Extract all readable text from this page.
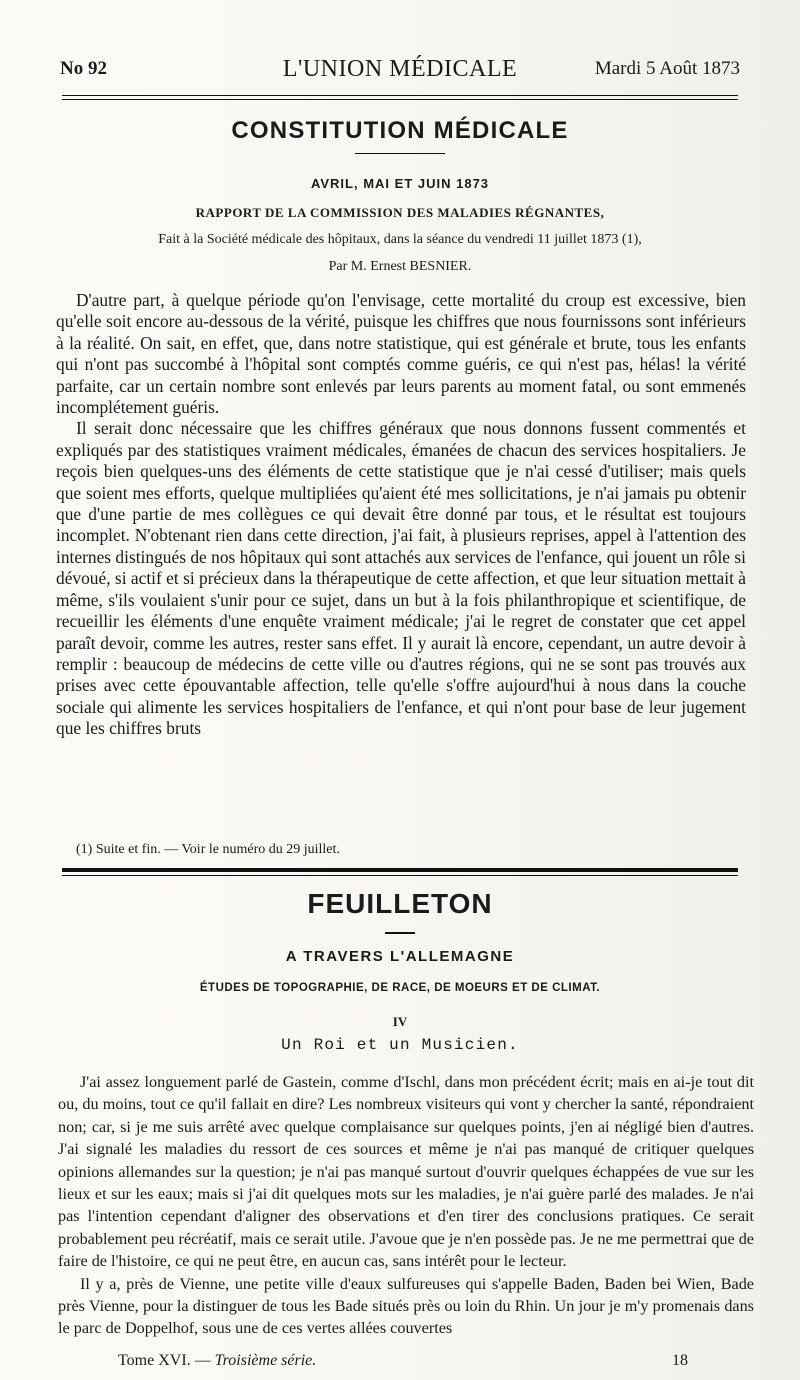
No 92	L'UNION MÉDICALE	Mardi 5 Août 1873
CONSTITUTION MÉDICALE
AVRIL, MAI ET JUIN 1873
RAPPORT DE LA COMMISSION DES MALADIES RÉGNANTES,
Fait à la Société médicale des hôpitaux, dans la séance du vendredi 11 juillet 1873 (1),
Par M. Ernest BESNIER.

D'autre part, à quelque période qu'on l'envisage, cette mortalité du croup est excessive, bien qu'elle soit encore au-dessous de la vérité, puisque les chiffres que nous fournissons sont inférieurs à la réalité. On sait, en effet, que, dans notre statistique, qui est générale et brute, tous les enfants qui n'ont pas succombé à l'hôpital sont comptés comme guéris, ce qui n'est pas, hélas! la vérité parfaite, car un certain nombre sont enlevés par leurs parents au moment fatal, ou sont emmenés incomplétement guéris.

Il serait donc nécessaire que les chiffres généraux que nous donnons fussent commentés et expliqués par des statistiques vraiment médicales, émanées de chacun des services hospitaliers. Je reçois bien quelques-uns des éléments de cette statistique que je n'ai cessé d'utiliser; mais quels que soient mes efforts, quelque multipliées qu'aient été mes sollicitations, je n'ai jamais pu obtenir que d'une partie de mes collègues ce qui devait être donné par tous, et le résultat est toujours incomplet. N'obtenant rien dans cette direction, j'ai fait, à plusieurs reprises, appel à l'attention des internes distingués de nos hôpitaux qui sont attachés aux services de l'enfance, qui jouent un rôle si dévoué, si actif et si précieux dans la thérapeutique de cette affection, et que leur situation mettait à même, s'ils voulaient s'unir pour ce sujet, dans un but à la fois philanthropique et scientifique, de recueillir les éléments d'une enquête vraiment médicale; j'ai le regret de constater que cet appel paraît devoir, comme les autres, rester sans effet. Il y aurait là encore, cependant, un autre devoir à remplir : beaucoup de médecins de cette ville ou d'autres régions, qui ne se sont pas trouvés aux prises avec cette épouvantable affection, telle qu'elle s'offre aujourd'hui à nous dans la couche sociale qui alimente les services hospitaliers de l'enfance, et qui n'ont pour base de leur jugement que les chiffres bruts

(1) Suite et fin. — Voir le numéro du 29 juillet.
FEUILLETON
A TRAVERS L'ALLEMAGNE
ÉTUDES DE TOPOGRAPHIE, DE RACE, DE MOEURS ET DE CLIMAT.
IV
Un Roi et un Musicien.

J'ai assez longuement parlé de Gastein, comme d'Ischl, dans mon précédent écrit; mais en ai-je tout dit ou, du moins, tout ce qu'il fallait en dire? Les nombreux visiteurs qui vont y chercher la santé, répondraient non; car, si je me suis arrêté avec quelque complaisance sur quelques points, j'en ai négligé bien d'autres. J'ai signalé les maladies du ressort de ces sources et même je n'ai pas manqué de critiquer quelques opinions allemandes sur la question; je n'ai pas manqué surtout d'ouvrir quelques échappées de vue sur les lieux et sur les eaux; mais si j'ai dit quelques mots sur les maladies, je n'ai guère parlé des malades. Je n'ai pas l'intention cependant d'aligner des observations et d'en tirer des conclusions pratiques. Ce serait probablement peu récréatif, mais ce serait utile. J'avoue que je n'en possède pas. Je ne me permettrai que de faire de l'histoire, ce qui ne peut être, en aucun cas, sans intérêt pour le lecteur.

Il y a, près de Vienne, une petite ville d'eaux sulfureuses qui s'appelle Baden, Baden bei Wien, Bade près Vienne, pour la distinguer de tous les Bade situés près ou loin du Rhin. Un jour je m'y promenais dans le parc de Doppelhof, sous une de ces vertes allées couvertes

Tome XVI. — Troisième série.	18
